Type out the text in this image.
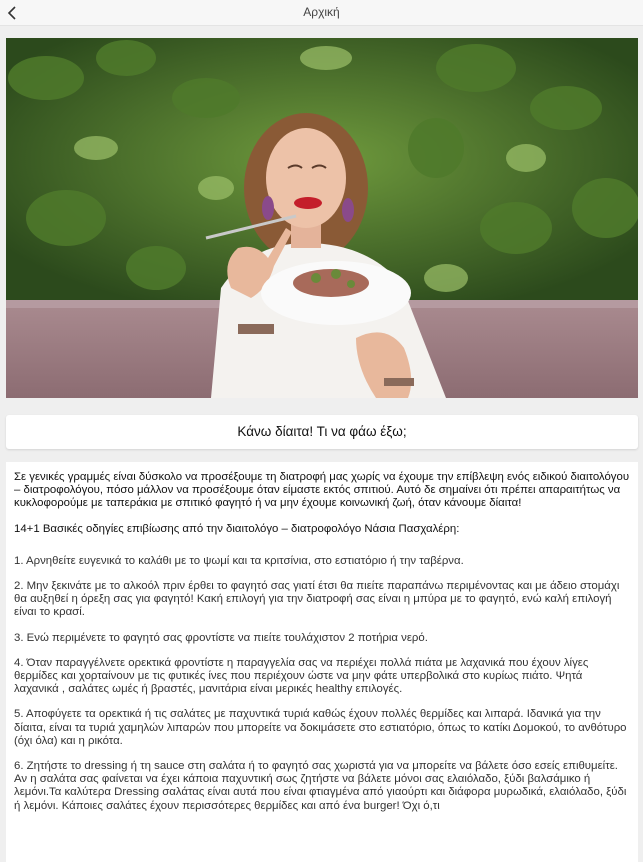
Αρχική
Κάνω δίαιτα! Τι να φάω έξω;

Σε γενικές γραμμές είναι δύσκολο να προσέξουμε τη διατροφή μας χωρίς να έχουμε την επίβλεψη ενός ειδικού διαιτολόγου – διατροφολόγου, πόσο μάλλον να προσέξουμε όταν είμαστε εκτός σπιτιού. Αυτό δε σημαίνει ότι πρέπει απαραιτήτως να κυκλοφορούμε με ταπεράκια με σπιτικό φαγητό ή να μην έχουμε κοινωνική ζωή, όταν κάνουμε δίαιτα!

14+1 Βασικές οδηγίες επιβίωσης από την διαιτολόγο – διατροφολόγο Νάσια Πασχαλέρη:

1. Αρνηθείτε ευγενικά το καλάθι με το ψωμί και τα κριτσίνια, στο εστιατόριο ή την ταβέρνα.

2. Μην ξεκινάτε με το αλκοόλ πριν έρθει το φαγητό σας γιατί έτσι θα πιείτε παραπάνω περιμένοντας και με άδειο στομάχι θα αυξηθεί η όρεξη σας για φαγητό! Κακή επιλογή για την διατροφή σας είναι η μπύρα με το φαγητό, ενώ καλή επιλογή είναι το κρασί.

3. Ενώ περιμένετε το φαγητό σας φροντίστε να πιείτε τουλάχιστον 2 ποτήρια νερό.

4. Όταν παραγγέλνετε ορεκτικά φροντίστε η παραγγελία σας να περιέχει πολλά πιάτα με λαχανικά που έχουν λίγες θερμίδες και χορταίνουν με τις φυτικές ίνες που περιέχουν ώστε να μην φάτε υπερβολικά στο κυρίως πιάτο. Ψητά λαχανικά , σαλάτες ωμές ή βραστές, μανιτάρια είναι μερικές healthy επιλογές.

5. Αποφύγετε τα ορεκτικά ή τις σαλάτες με παχυντικά τυριά καθώς έχουν πολλές θερμίδες και λιπαρά. Ιδανικά για την δίαιτα, είναι τα τυριά χαμηλών λιπαρών που μπορείτε να δοκιμάσετε στο εστιατόριο, όπως το κατίκι Δομοκού, το ανθότυρο (όχι όλα) και η ρικότα.

6. Ζητήστε το dressing ή τη sauce στη σαλάτα ή το φαγητό σας χωριστά για να μπορείτε να βάλετε όσο εσείς επιθυμείτε. Αν η σαλάτα σας φαίνεται να έχει κάποια παχυντική σως ζητήστε να βάλετε μόνοι σας ελαιόλαδο, ξύδι βαλσάμικο ή λεμόνι.Τα καλύτερα Dressing σαλάτας είναι αυτά που είναι φτιαγμένα από γιαούρτι και διάφορα μυρωδικά, ελαιόλαδο, ξύδι ή λεμόνι. Κάποιες σαλάτες έχουν περισσότερες θερμίδες και από ένα burger! Όχι ό,τι
